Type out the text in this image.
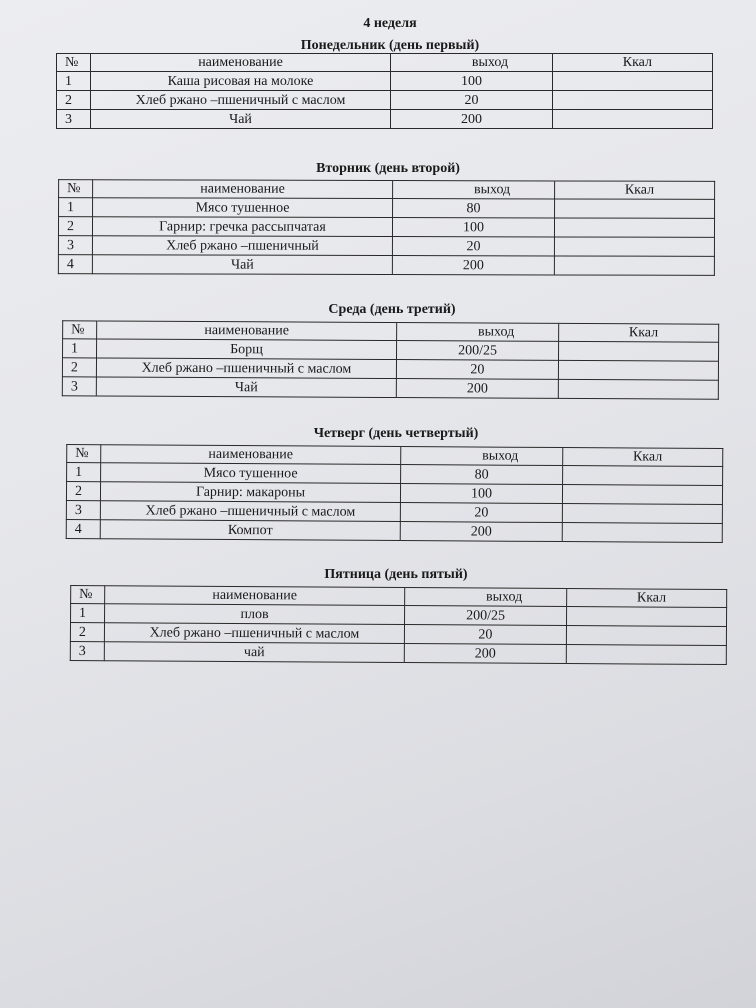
4 неделя
Понедельник (день первый)
№	наименование	выход	Ккал
1	Каша рисовая на молоке	100	
2	Хлеб ржано –пшеничный с маслом	20	
3	Чай	200	
Вторник (день второй)
№	наименование	выход	Ккал
1	Мясо тушенное	80	
2	Гарнир: гречка рассыпчатая	100	
3	Хлеб ржано –пшеничный	20	
4	Чай	200	
Среда (день третий)
№	наименование	выход	Ккал
1	Борщ	200/25	
2	Хлеб ржано –пшеничный с маслом	20	
3	Чай	200	
Четверг (день четвертый)
№	наименование	выход	Ккал
1	Мясо тушенное	80	
2	Гарнир: макароны	100	
3	Хлеб ржано –пшеничный с маслом	20	
4	Компот	200	
Пятница (день пятый)
№	наименование	выход	Ккал
1	плов	200/25	
2	Хлеб ржано –пшеничный с маслом	20	
3	чай	200	
